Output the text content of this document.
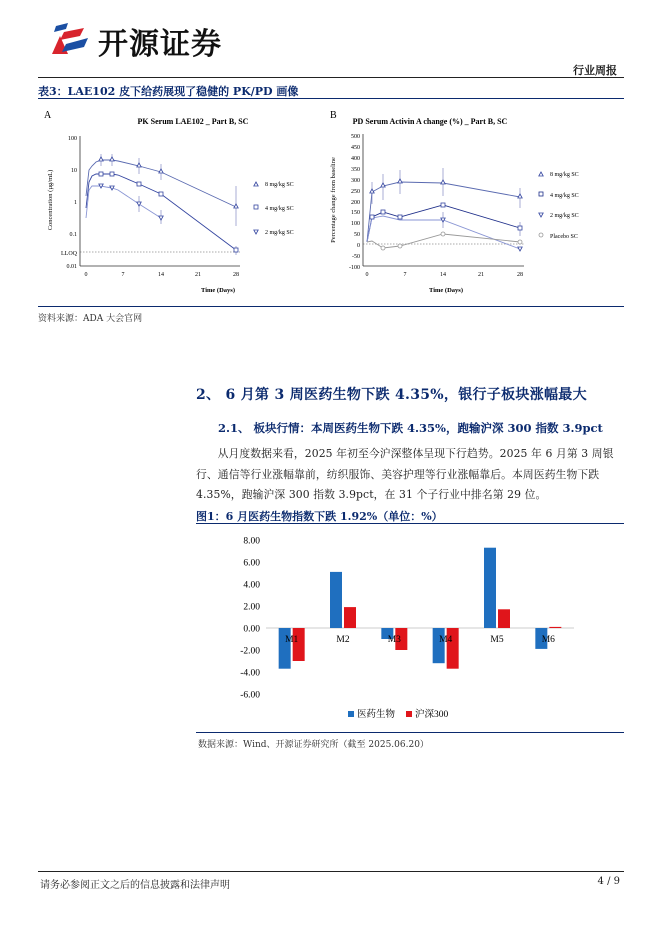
开源证券
行业周报
表3：LAE102 皮下给药展现了稳健的 PK/PD 画像
A
PK Serum LAE102 _ Part B, SC
Concentration (µg/mL)
Time (Days)
100
10
1
0.1
LLOQ
0.01
0	7	14	21	28
8 mg/kg SC
4 mg/kg SC
2 mg/kg SC
B
PD Serum Activin A change (%) _ Part B, SC
Percentage change from baseline
Time (Days)
500
450
400
350
300
250
200
150
100
50
0
-50
-100
0	7	14	21	28
8 mg/kg SC
4 mg/kg SC
2 mg/kg SC
Placebo SC
资料来源：ADA 大会官网
2、 6 月第 3 周医药生物下跌 4.35%，银行子板块涨幅最大
2.1、 板块行情：本周医药生物下跌 4.35%，跑输沪深 300 指数 3.9pct
从月度数据来看，2025 年初至今沪深整体呈现下行趋势。2025 年 6 月第 3 周银行、通信等行业涨幅靠前，纺织服饰、美容护理等行业涨幅靠后。本周医药生物下跌 4.35%，跑输沪深 300 指数 3.9pct，在 31 个子行业中排名第 29 位。
图1：6 月医药生物指数下跌 1.92%（单位：%）
8.00
6.00
4.00
2.00
0.00
-2.00
-4.00
-6.00
M1	M2	M3	M4	M5	M6
医药生物 沪深300
数据来源：Wind、开源证券研究所（截至 2025.06.20）
请务必参阅正文之后的信息披露和法律声明	4 / 9
